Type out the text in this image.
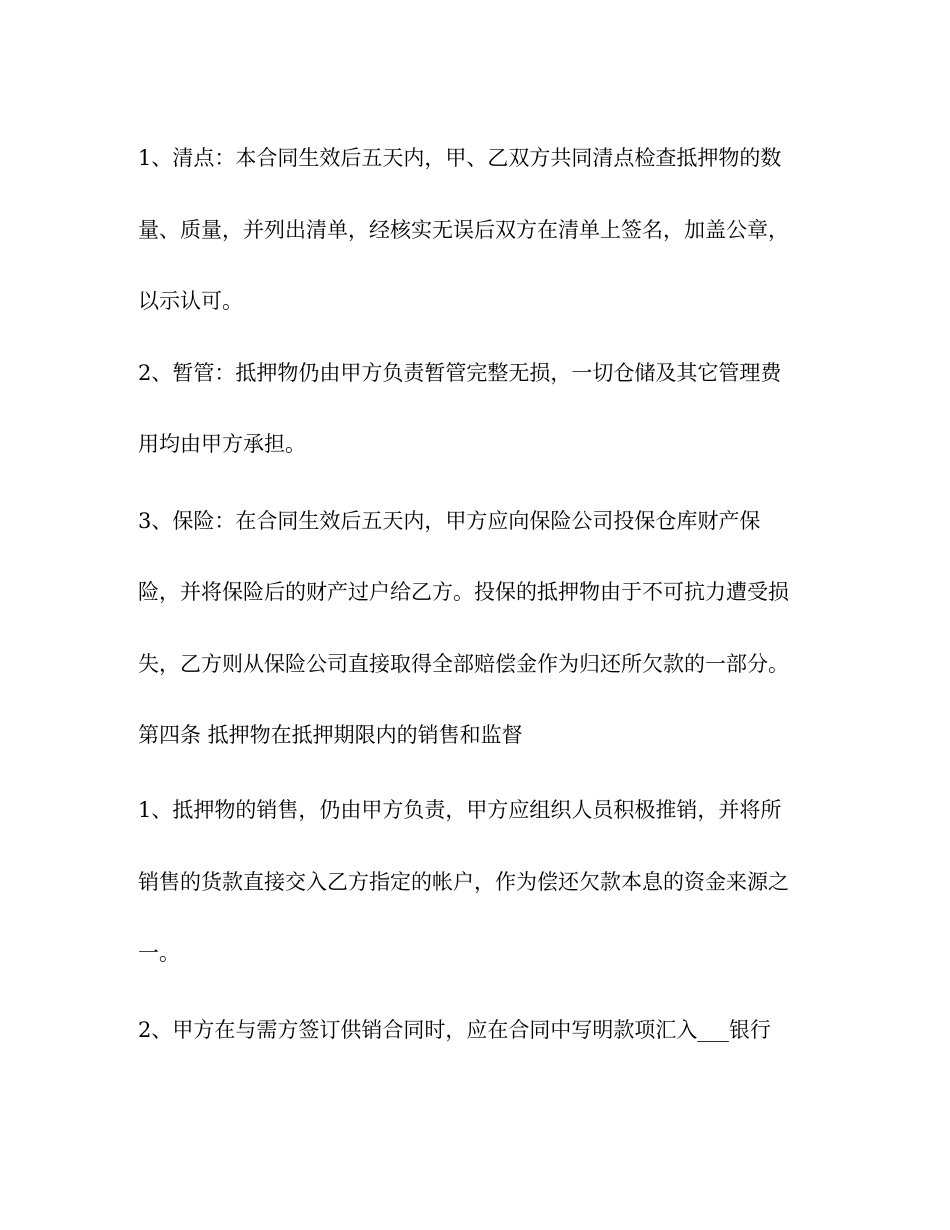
1、清点：本合同生效后五天内，甲、乙双方共同清点检查抵押物的数

量、质量，并列出清单，经核实无误后双方在清单上签名，加盖公章，

以示认可。

2、暂管：抵押物仍由甲方负责暂管完整无损，一切仓储及其它管理费

用均由甲方承担。

3、保险：在合同生效后五天内，甲方应向保险公司投保仓库财产保

险，并将保险后的财产过户给乙方。投保的抵押物由于不可抗力遭受损

失，乙方则从保险公司直接取得全部赔偿金作为归还所欠款的一部分。

第四条 抵押物在抵押期限内的销售和监督

1、抵押物的销售，仍由甲方负责，甲方应组织人员积极推销，并将所

销售的货款直接交入乙方指定的帐户，作为偿还欠款本息的资金来源之

一。

2、甲方在与需方签订供销合同时，应在合同中写明款项汇入___银行
